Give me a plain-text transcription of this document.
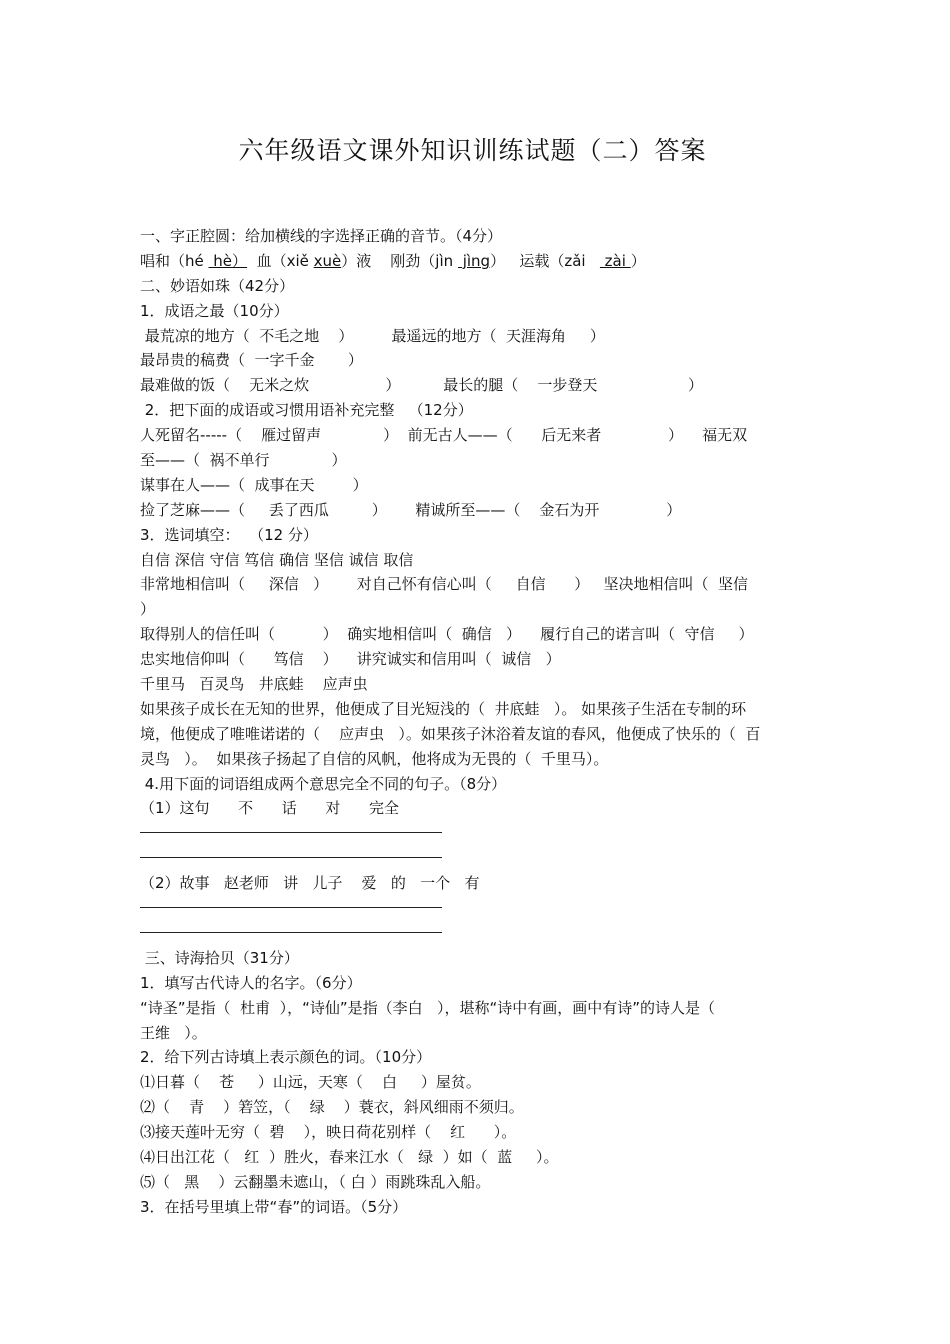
六年级语文课外知识训练试题（二）答案
一、字正腔圆：给加横线的字选择正确的音节。（4分）
唱和（hé  hè）  血（xiě xuè）液    刚劲（jìn  jìng）   运载（zǎi    zài ）
二、妙语如珠（42分）
1．成语之最（10分）
最荒凉的地方（  不毛之地    ）        最遥远的地方（  天涯海角     ）
最昂贵的稿费（  一字千金       ）
最难做的饭（    无米之炊                ）         最长的腿（    一步登天                   ）
2．把下面的成语或习惯用语补充完整   （12分）
人死留名-----（    雁过留声             ）  前无古人——（      后无来者              ）    福无双
至——（  祸不单行             ）
谋事在人——（  成事在天        ）
捡了芝麻——（     丢了西瓜         ）      精诚所至——（    金石为开              ）
3．选词填空：  （12 分）
自信 深信 守信 笃信 确信 坚信 诚信 取信
非常地相信叫（     深信   ）      对自己怀有信心叫（     自信      ）   坚决地相信叫（  坚信
）
取得别人的信任叫（          ）  确实地相信叫（  确信   ）    履行自己的诺言叫（  守信     ）
忠实地信仰叫（      笃信    ）    讲究诚实和信用叫（  诚信   ）
千里马   百灵鸟   井底蛙    应声虫
如果孩子成长在无知的世界，他便成了目光短浅的（  井底蛙   ）。 如果孩子生活在专制的环
境，他便成了唯唯诺诺的（    应声虫   ）。如果孩子沐浴着友谊的春风，他便成了快乐的（  百
灵鸟   ）。  如果孩子扬起了自信的风帆，他将成为无畏的（  千里马）。
4.用下面的词语组成两个意思完全不同的句子。（8分）
（1）这句      不      话      对      完全
（2）故事   赵老师   讲   儿子    爱   的   一个   有
三、诗海拾贝（31分）
1．填写古代诗人的名字。（6分）
“诗圣”是指（  杜甫  ），“诗仙”是指（李白   ），堪称“诗中有画，画中有诗”的诗人是（
王维   ）。
2．给下列古诗填上表示颜色的词。（10分）
⑴日暮（    苍     ）山远，天寒（    白     ）屋贫。
⑵（    青    ）箬笠，（    绿    ）蓑衣，斜风细雨不须归。
⑶接天莲叶无穷（  碧    ），映日荷花别样（    红      ）。
⑷日出江花（   红  ）胜火，春来江水（   绿  ）如（  蓝     ）。
⑸（   黑    ）云翻墨未遮山，（ 白 ）雨跳珠乱入船。
3．在括号里填上带“春”的词语。（5分）
